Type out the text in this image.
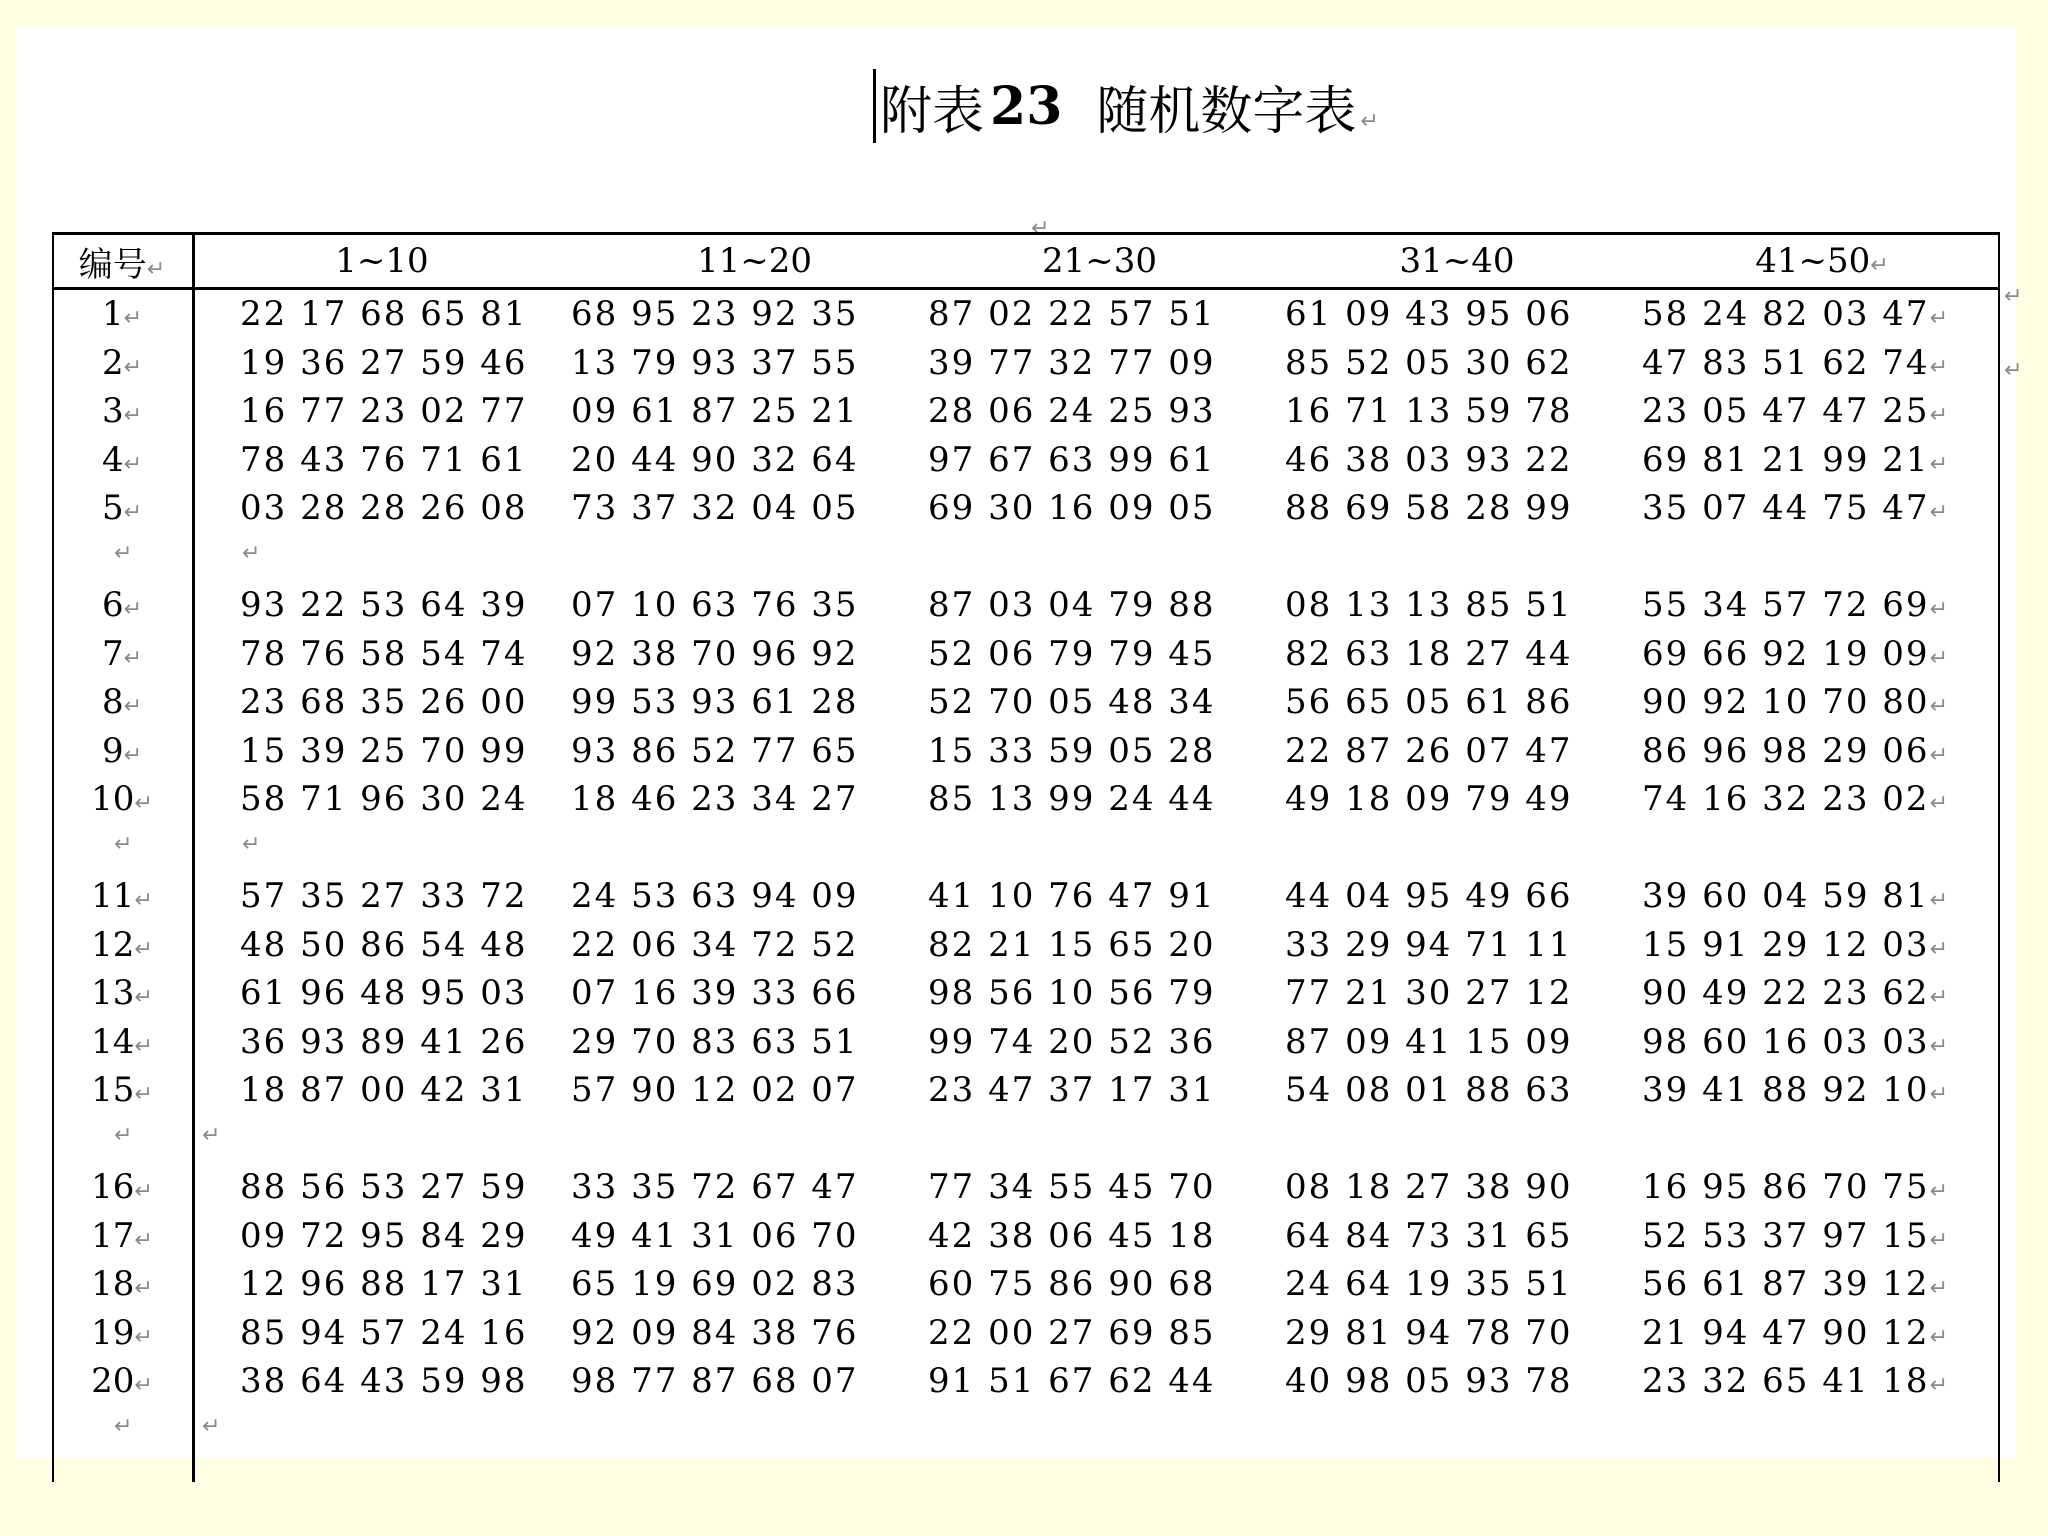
附表 23 随机数字表 ↵
↵
↵
↵
编号↵	1~10	11~20	21~30	31~40	41~50↵
1↵	22 17 68 65 81	68 95 23 92 35	87 02 22 57 51	61 09 43 95 06	58 24 82 03 47↵
2↵	19 36 27 59 46	13 79 93 37 55	39 77 32 77 09	85 52 05 30 62	47 83 51 62 74↵
3↵	16 77 23 02 77	09 61 87 25 21	28 06 24 25 93	16 71 13 59 78	23 05 47 47 25↵
4↵	78 43 76 71 61	20 44 90 32 64	97 67 63 99 61	46 38 03 93 22	69 81 21 99 21↵
5↵	03 28 28 26 08	73 37 32 04 05	69 30 16 09 05	88 69 58 28 99	35 07 44 75 47↵
↵	↵
6↵	93 22 53 64 39	07 10 63 76 35	87 03 04 79 88	08 13 13 85 51	55 34 57 72 69↵
7↵	78 76 58 54 74	92 38 70 96 92	52 06 79 79 45	82 63 18 27 44	69 66 92 19 09↵
8↵	23 68 35 26 00	99 53 93 61 28	52 70 05 48 34	56 65 05 61 86	90 92 10 70 80↵
9↵	15 39 25 70 99	93 86 52 77 65	15 33 59 05 28	22 87 26 07 47	86 96 98 29 06↵
10↵	58 71 96 30 24	18 46 23 34 27	85 13 99 24 44	49 18 09 79 49	74 16 32 23 02↵
↵	↵
11↵	57 35 27 33 72	24 53 63 94 09	41 10 76 47 91	44 04 95 49 66	39 60 04 59 81↵
12↵	48 50 86 54 48	22 06 34 72 52	82 21 15 65 20	33 29 94 71 11	15 91 29 12 03↵
13↵	61 96 48 95 03	07 16 39 33 66	98 56 10 56 79	77 21 30 27 12	90 49 22 23 62↵
14↵	36 93 89 41 26	29 70 83 63 51	99 74 20 52 36	87 09 41 15 09	98 60 16 03 03↵
15↵	18 87 00 42 31	57 90 12 02 07	23 47 37 17 31	54 08 01 88 63	39 41 88 92 10↵
↵	↵
16↵	88 56 53 27 59	33 35 72 67 47	77 34 55 45 70	08 18 27 38 90	16 95 86 70 75↵
17↵	09 72 95 84 29	49 41 31 06 70	42 38 06 45 18	64 84 73 31 65	52 53 37 97 15↵
18↵	12 96 88 17 31	65 19 69 02 83	60 75 86 90 68	24 64 19 35 51	56 61 87 39 12↵
19↵	85 94 57 24 16	92 09 84 38 76	22 00 27 69 85	29 81 94 78 70	21 94 47 90 12↵
20↵	38 64 43 59 98	98 77 87 68 07	91 51 67 62 44	40 98 05 93 78	23 32 65 41 18↵
↵	↵
